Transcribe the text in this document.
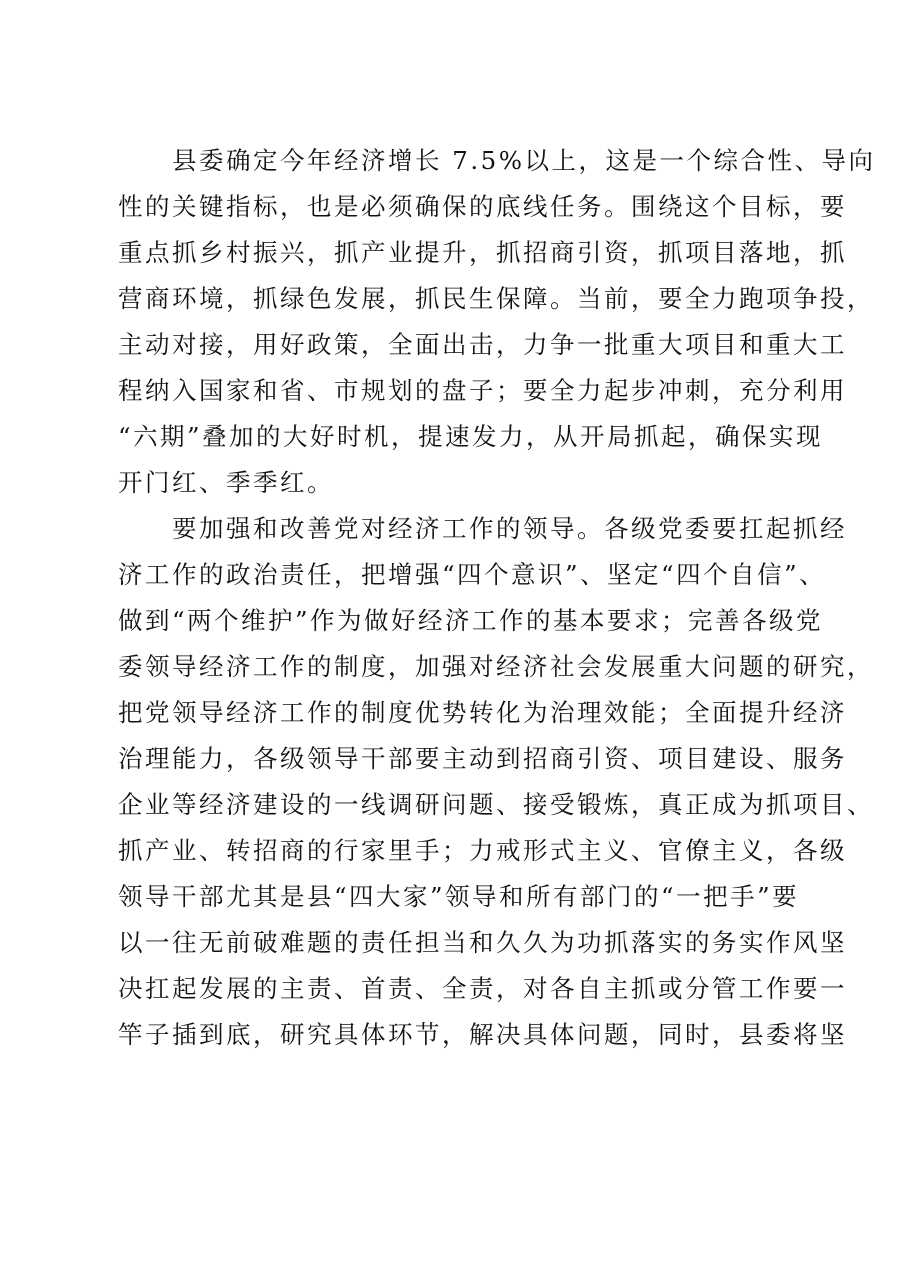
　　县委确定今年经济增长 7.5%以上，这是一个综合性、导向
性的关键指标，也是必须确保的底线任务。围绕这个目标，要
重点抓乡村振兴，抓产业提升，抓招商引资，抓项目落地，抓
营商环境，抓绿色发展，抓民生保障。当前，要全力跑项争投，
主动对接，用好政策，全面出击，力争一批重大项目和重大工
程纳入国家和省、市规划的盘子；要全力起步冲刺，充分利用
“六期”叠加的大好时机，提速发力，从开局抓起，确保实现
开门红、季季红。
　　要加强和改善党对经济工作的领导。各级党委要扛起抓经
济工作的政治责任，把增强“四个意识”、坚定“四个自信”、
做到“两个维护”作为做好经济工作的基本要求；完善各级党
委领导经济工作的制度，加强对经济社会发展重大问题的研究，
把党领导经济工作的制度优势转化为治理效能；全面提升经济
治理能力，各级领导干部要主动到招商引资、项目建设、服务
企业等经济建设的一线调研问题、接受锻炼，真正成为抓项目、
抓产业、转招商的行家里手；力戒形式主义、官僚主义，各级
领导干部尤其是县“四大家”领导和所有部门的“一把手”要
以一往无前破难题的责任担当和久久为功抓落实的务实作风坚
决扛起发展的主责、首责、全责，对各自主抓或分管工作要一
竿子插到底，研究具体环节，解决具体问题，同时，县委将坚
